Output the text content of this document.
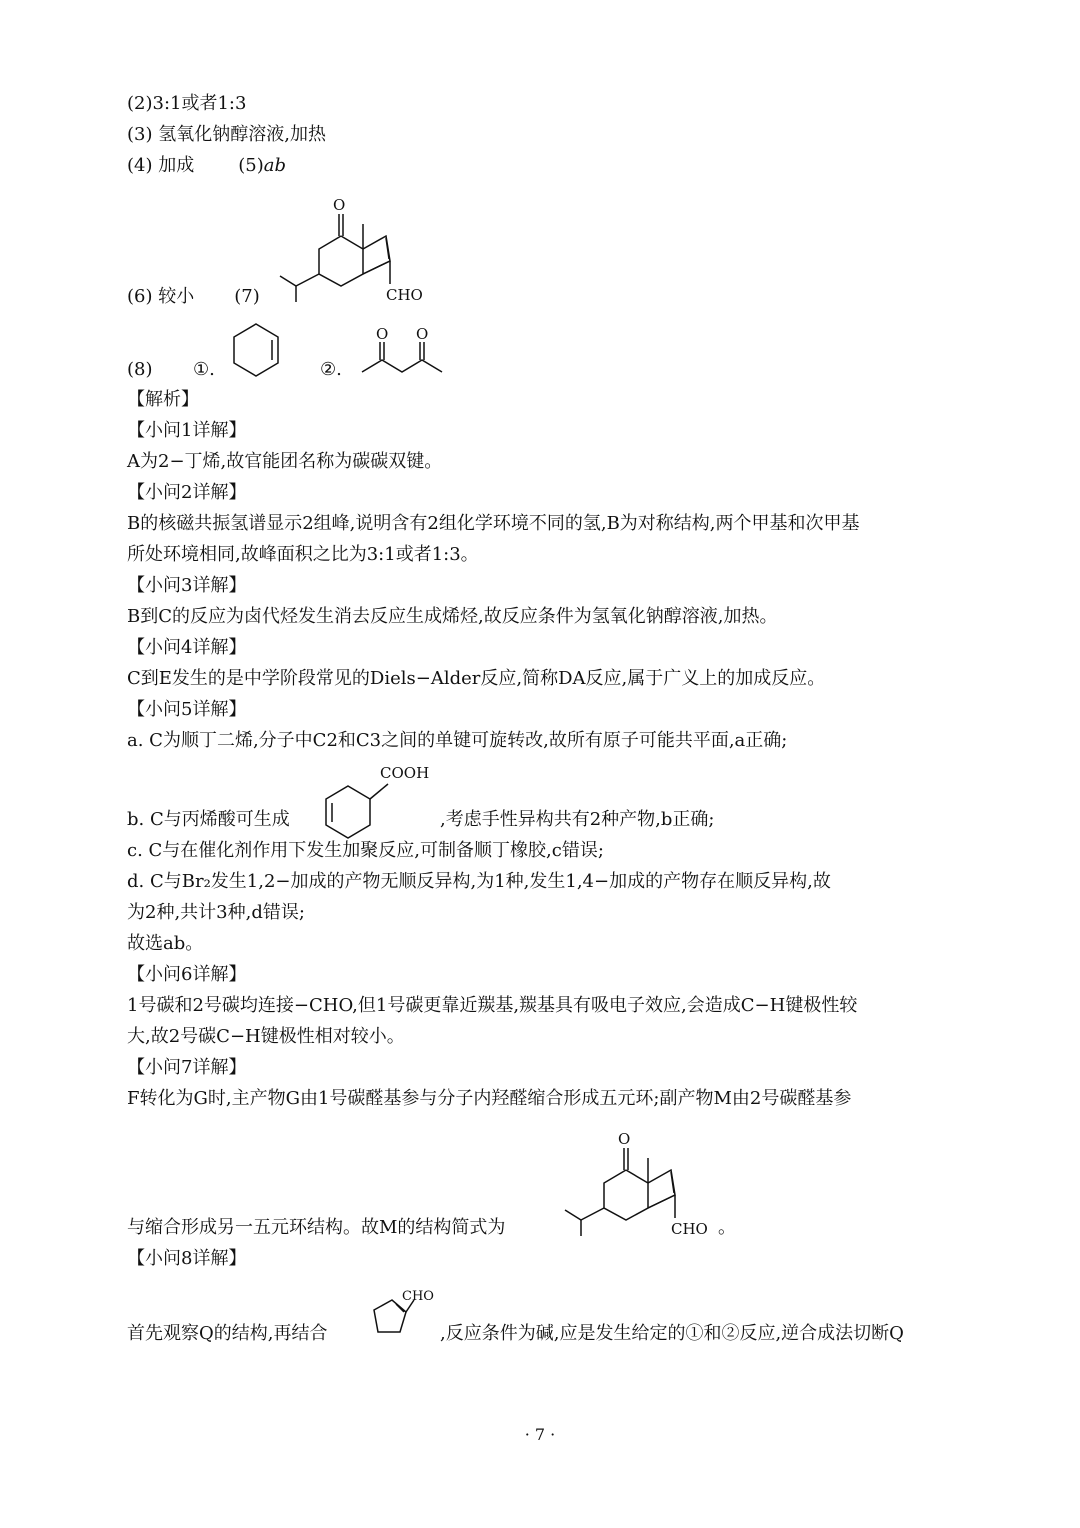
(2)3:1或者1:3
(3) 氢氧化钠醇溶液,加热
(4) 加成 (5)ab
(6) 较小 (7)
O
CHO
(8) ①.	②.
O O
【解析】
【小问1详解】
A为2−丁烯,故官能团名称为碳碳双键。
【小问2详解】
B的核磁共振氢谱显示2组峰,说明含有2组化学环境不同的氢,B为对称结构,两个甲基和次甲基
所处环境相同,故峰面积之比为3:1或者1:3。
【小问3详解】
B到C的反应为卤代烃发生消去反应生成烯烃,故反应条件为氢氧化钠醇溶液,加热。
【小问4详解】
C到E发生的是中学阶段常见的Diels−Alder反应,简称DA反应,属于广义上的加成反应。
【小问5详解】
a. C为顺丁二烯,分子中C2和C3之间的单键可旋转改,故所有原子可能共平面,a正确;
b. C与丙烯酸可生成
COOH
,考虑手性异构共有2种产物,b正确;
c. C与在催化剂作用下发生加聚反应,可制备顺丁橡胶,c错误;
d. C与Br₂发生1,2−加成的产物无顺反异构,为1种,发生1,4−加成的产物存在顺反异构,故
为2种,共计3种,d错误;
故选ab。
【小问6详解】
1号碳和2号碳均连接−CHO,但1号碳更靠近羰基,羰基具有吸电子效应,会造成C−H键极性较
大,故2号碳C−H键极性相对较小。
【小问7详解】
F转化为G时,主产物G由1号碳醛基参与分子内羟醛缩合形成五元环;副产物M由2号碳醛基参
与缩合形成另一五元环结构。故M的结构简式为
O
CHO 。
【小问8详解】
首先观察Q的结构,再结合
CHO
,反应条件为碱,应是发生给定的①和②反应,逆合成法切断Q
· 7 ·
